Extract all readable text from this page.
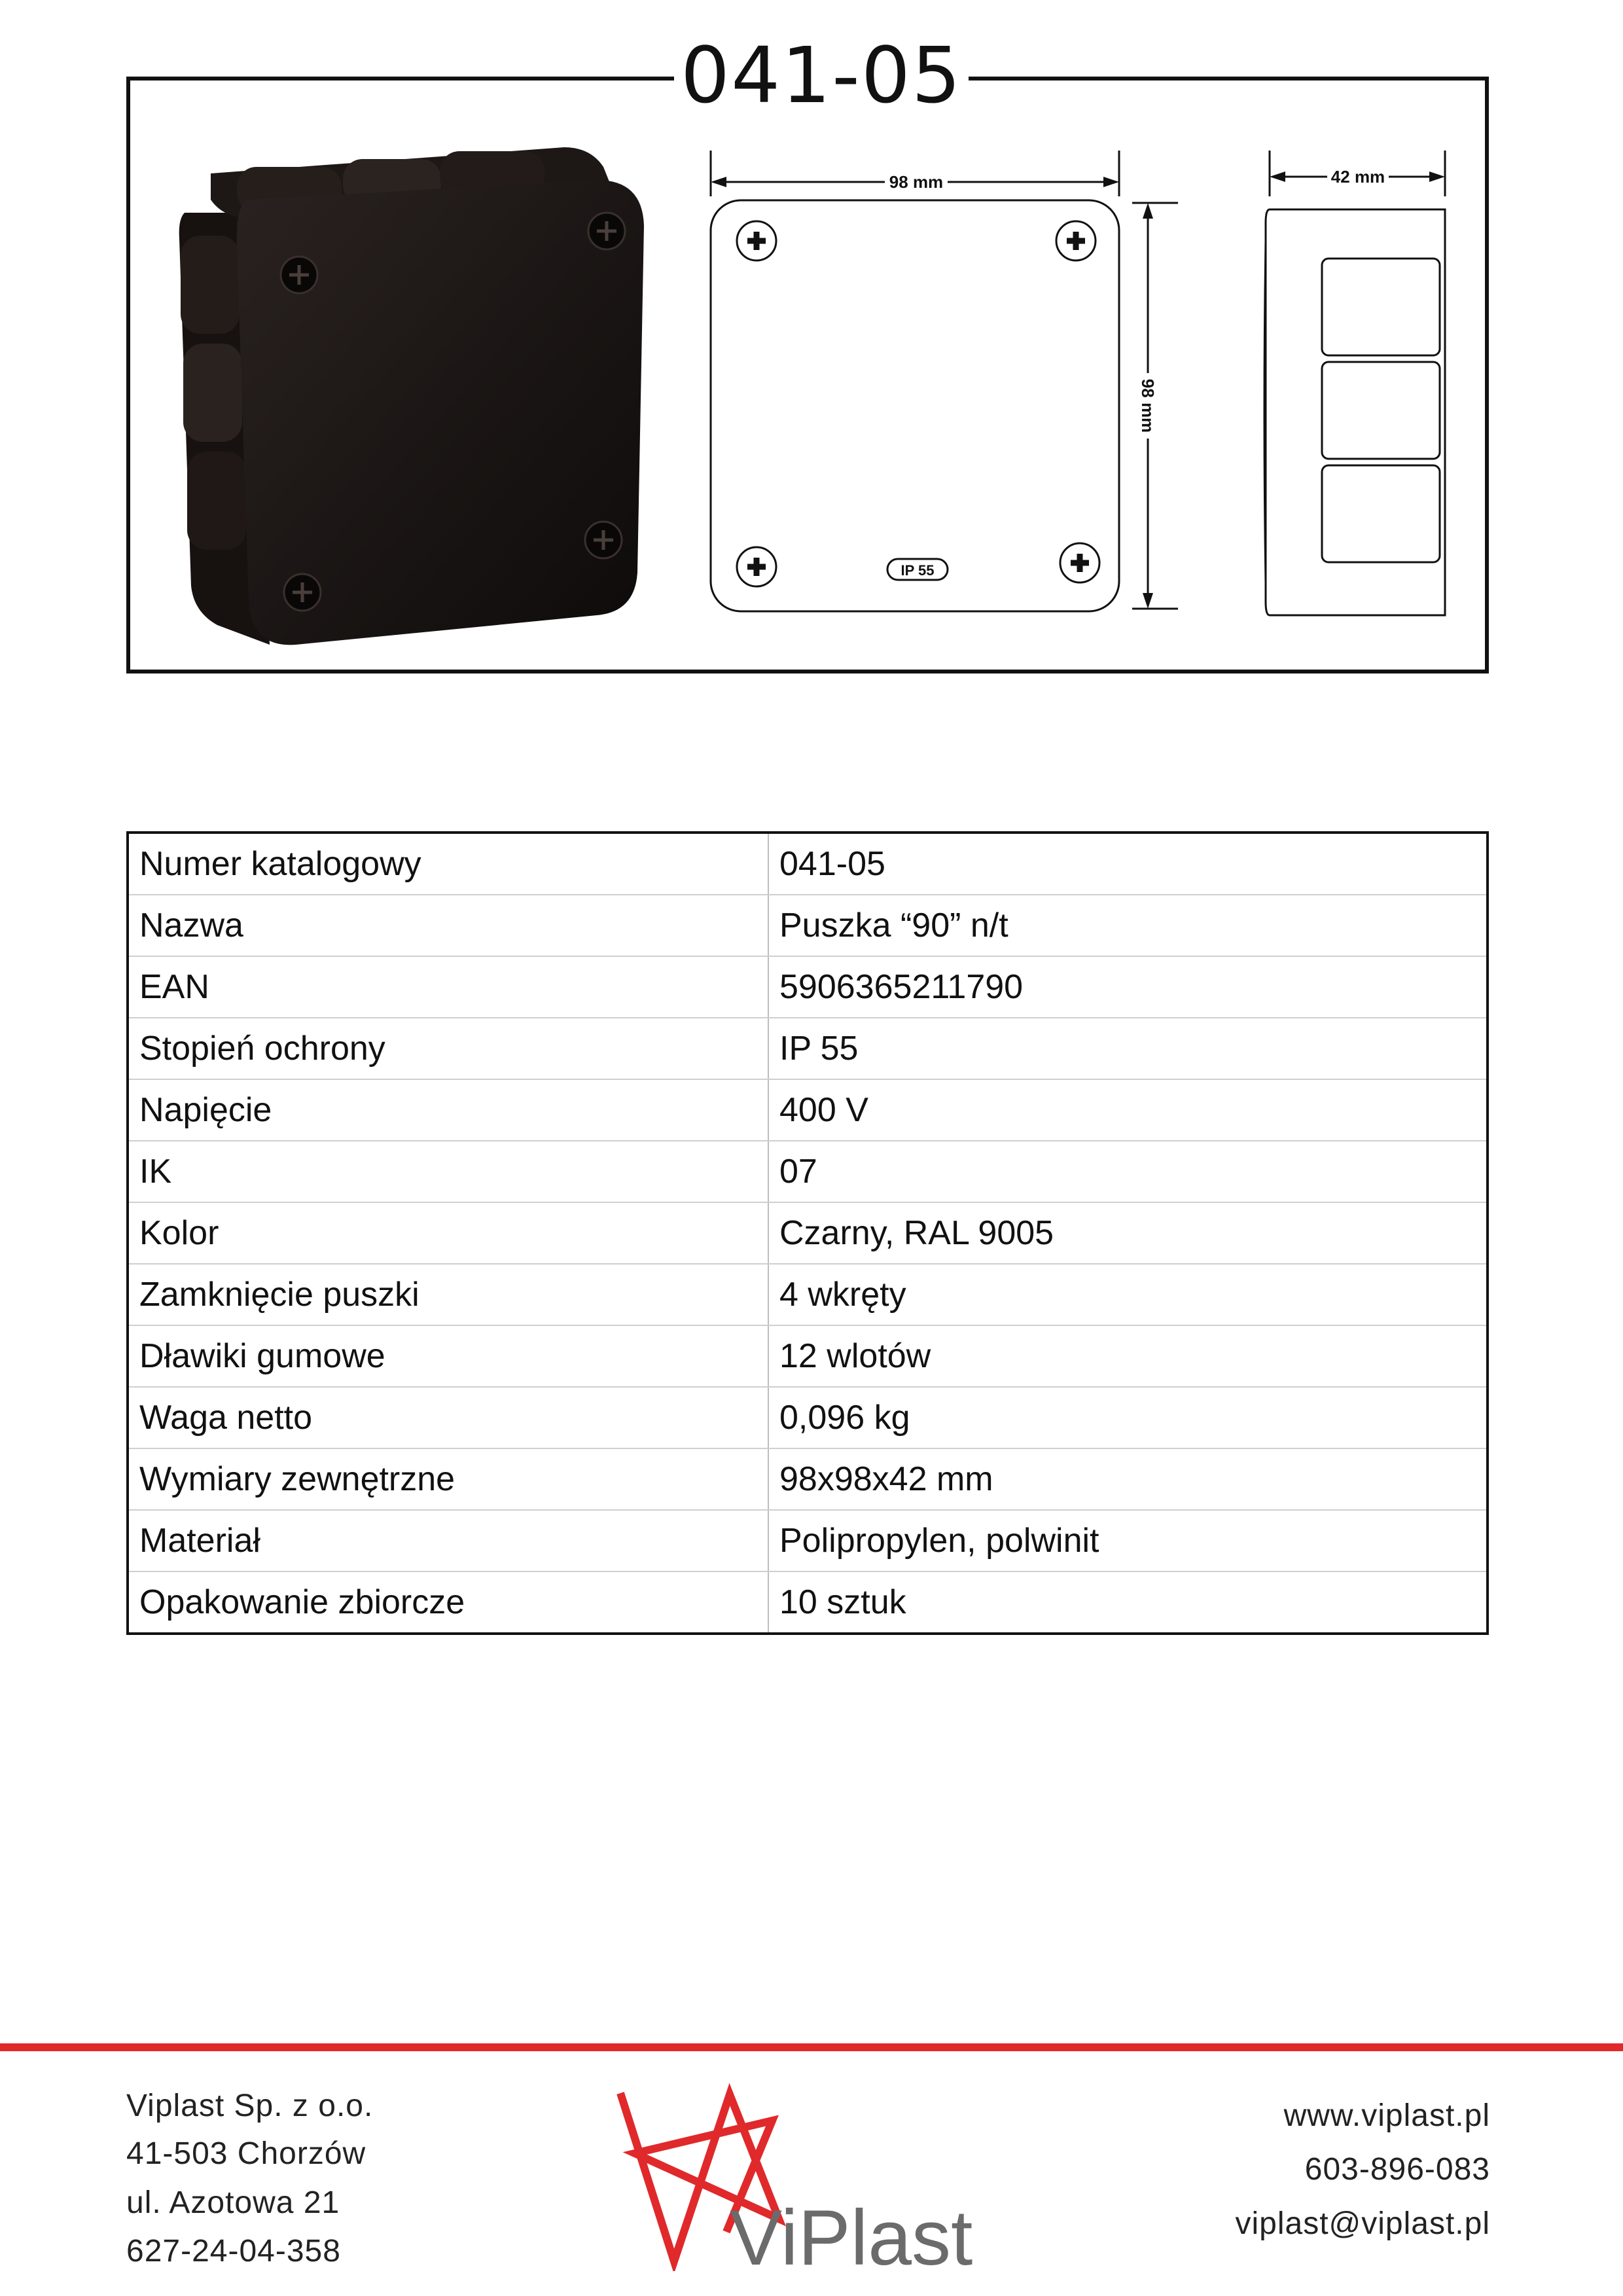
041-05
98 mm
98 mm
IP 55
42 mm
Numer katalogowy	041-05
Nazwa	Puszka “90” n/t
EAN	5906365211790
Stopień ochrony	IP 55
Napięcie	400 V
IK	07
Kolor	Czarny, RAL 9005
Zamknięcie puszki	4 wkręty
Dławiki gumowe	12 wlotów
Waga netto	0,096 kg
Wymiary zewnętrzne	98x98x42 mm
Materiał	Polipropylen, polwinit
Opakowanie zbiorcze	10 sztuk
Viplast Sp. z o.o.
41-503 Chorzów
ul. Azotowa 21
627-24-04-358	ViPlast
www.viplast.pl
603-896-083
viplast@viplast.pl
